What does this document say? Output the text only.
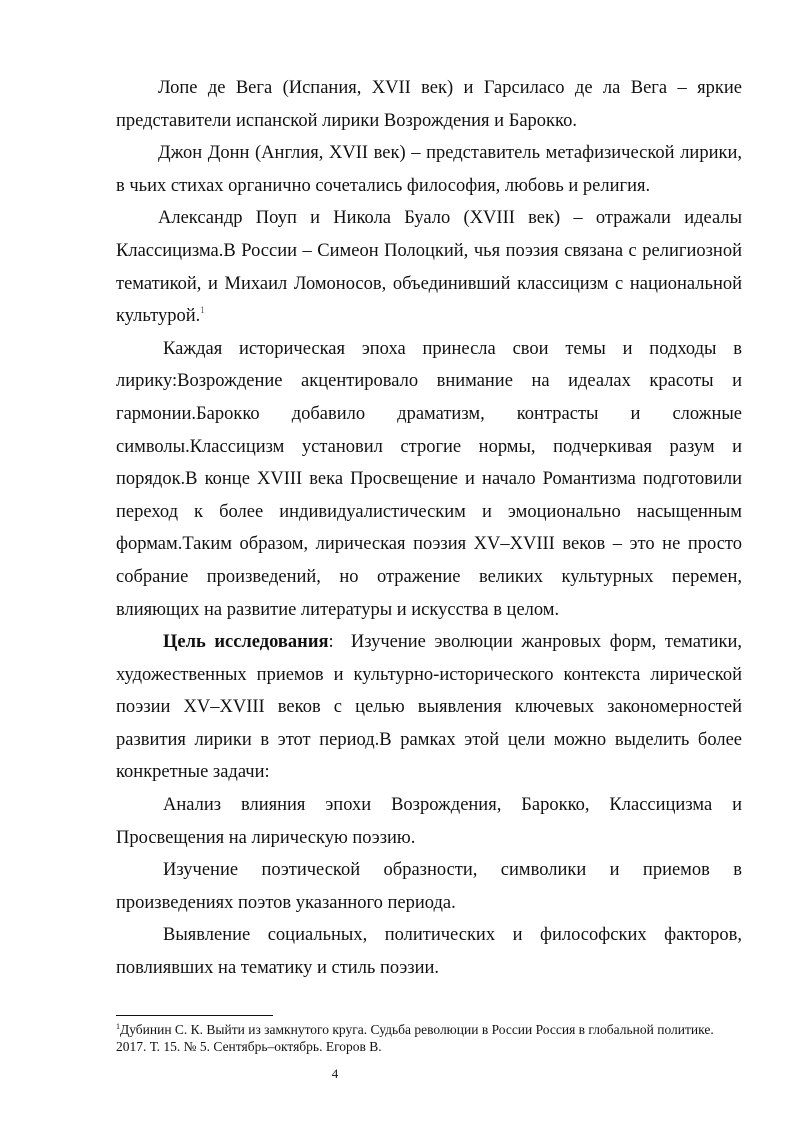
Лопе де Вега (Испания, XVII век) и Гарсиласо де ла Вега – яркие представители испанской лирики Возрождения и Барокко.

Джон Донн (Англия, XVII век) – представитель метафизической лирики, в чьих стихах органично сочетались философия, любовь и религия.

Александр Поуп и Никола Буало (XVIII век) – отражали идеалы Классицизма.В России – Симеон Полоцкий, чья поэзия связана с религиозной тематикой, и Михаил Ломоносов, объединивший классицизм с национальной культурой.$^1$

Каждая историческая эпоха принесла свои темы и подходы в лирику:Возрождение акцентировало внимание на идеалах красоты и гармонии.Барокко добавило драматизм, контрасты и сложные символы.Классицизм установил строгие нормы, подчеркивая разум и порядок.В конце XVIII века Просвещение и начало Романтизма подготовили переход к более индивидуалистическим и эмоционально насыщенным формам.Таким образом, лирическая поэзия XV–XVIII веков – это не просто собрание произведений, но отражение великих культурных перемен, влияющих на развитие литературы и искусства в целом.

Цель исследования: Изучение эволюции жанровых форм, тематики, художественных приемов и культурно-исторического контекста лирической поэзии XV–XVIII веков с целью выявления ключевых закономерностей развития лирики в этот период.В рамках этой цели можно выделить более конкретные задачи:

Анализ влияния эпохи Возрождения, Барокко, Классицизма и Просвещения на лирическую поэзию.

Изучение поэтической образности, символики и приемов в произведениях поэтов указанного периода.

Выявление социальных, политических и философских факторов, повлиявших на тематику и стиль поэзии.

$^1$Дубинин С. К. Выйти из замкнутого круга. Судьба революции в России Россия в глобальной политике. 2017. Т. 15. № 5. Сентябрь–октябрь. Егоров В.
4
